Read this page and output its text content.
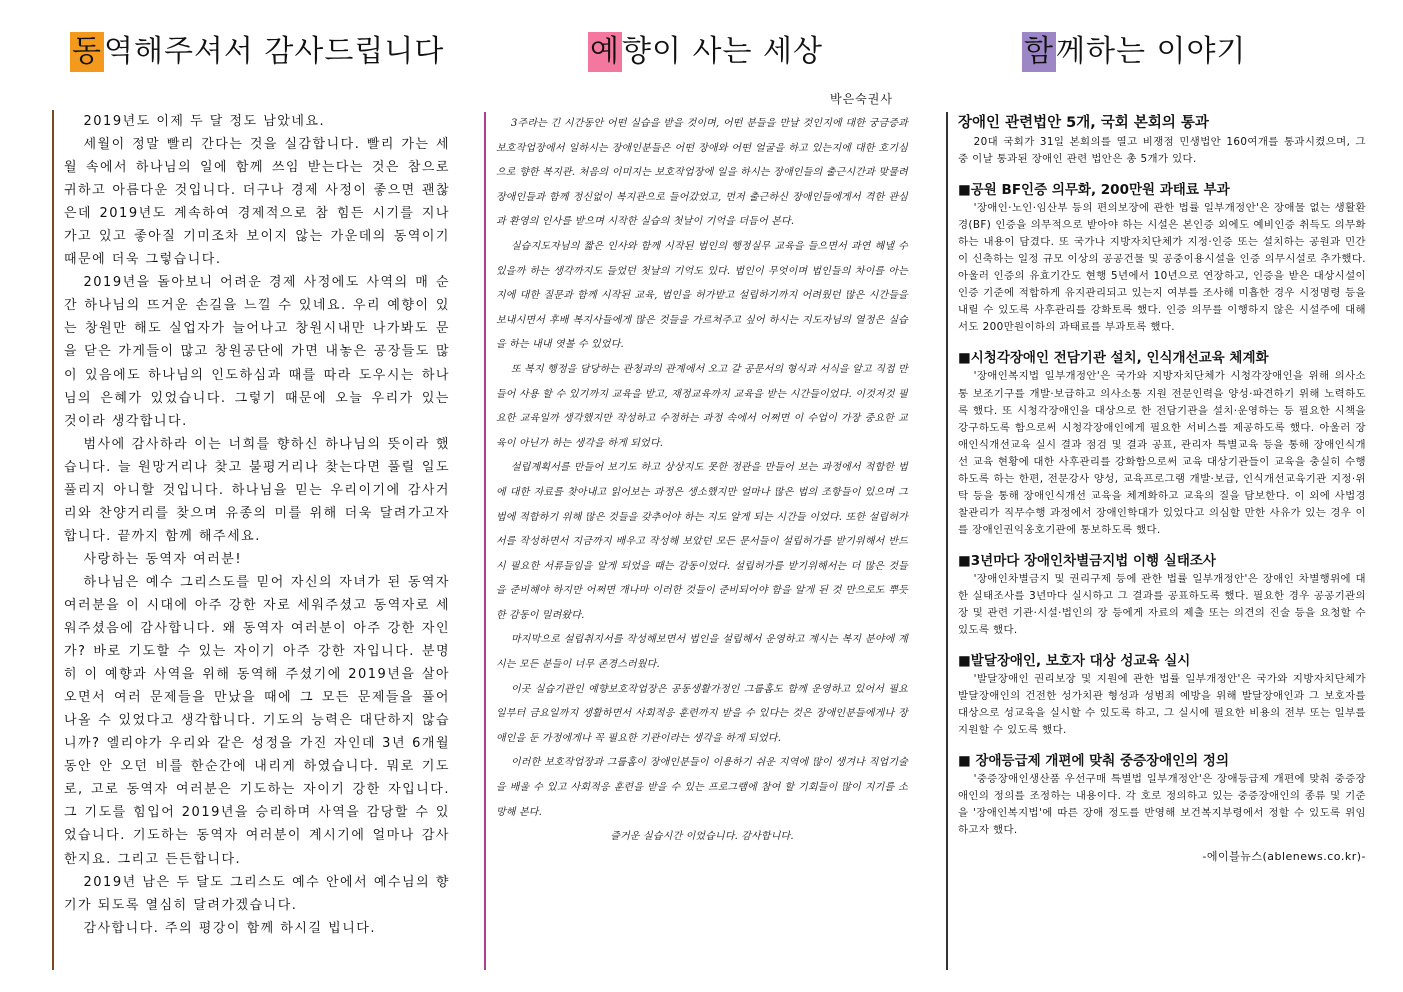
동역해주셔서 감사드립니다	예향이 사는 세상	함께하는 이야기
박은숙권사

2019년도 이제 두 달 정도 남았네요.

세월이 정말 빨리 간다는 것을 실감합니다. 빨리 가는 세월 속에서 하나님의 일에 함께 쓰임 받는다는 것은 참으로 귀하고 아름다운 것입니다. 더구나 경제 사정이 좋으면 괜찮은데 2019년도 계속하여 경제적으로 참 힘든 시기를 지나가고 있고 좋아질 기미조차 보이지 않는 가운데의 동역이기 때문에 더욱 그렇습니다.

2019년을 돌아보니 어려운 경제 사정에도 사역의 매 순간 하나님의 뜨거운 손길을 느낄 수 있네요. 우리 예향이 있는 창원만 해도 실업자가 늘어나고 창원시내만 나가봐도 문을 닫은 가게들이 많고 창원공단에 가면 내놓은 공장들도 많이 있음에도 하나님의 인도하심과 때를 따라 도우시는 하나님의 은혜가 있었습니다. 그렇기 때문에 오늘 우리가 있는 것이라 생각합니다.

범사에 감사하라 이는 너희를 향하신 하나님의 뜻이라 했습니다. 늘 원망거리나 찾고 불평거리나 찾는다면 풀릴 일도 풀리지 아니할 것입니다. 하나님을 믿는 우리이기에 감사거리와 찬양거리를 찾으며 유종의 미를 위해 더욱 달려가고자 합니다. 끝까지 함께 해주세요.

사랑하는 동역자 여러분!

하나님은 예수 그리스도를 믿어 자신의 자녀가 된 동역자 여러분을 이 시대에 아주 강한 자로 세워주셨고 동역자로 세워주셨음에 감사합니다. 왜 동역자 여러분이 아주 강한 자인가? 바로 기도할 수 있는 자이기 아주 강한 자입니다. 분명히 이 예향과 사역을 위해 동역해 주셨기에 2019년을 살아오면서 여러 문제들을 만났을 때에 그 모든 문제들을 풀어 나올 수 있었다고 생각합니다. 기도의 능력은 대단하지 않습니까? 엘리야가 우리와 같은 성정을 가진 자인데 3년 6개월 동안 안 오던 비를 한순간에 내리게 하였습니다. 뭐로 기도로, 고로 동역자 여러분은 기도하는 자이기 강한 자입니다. 그 기도를 힘입어 2019년을 승리하며 사역을 감당할 수 있었습니다. 기도하는 동역자 여러분이 계시기에 얼마나 감사한지요. 그리고 든든합니다.

2019년 남은 두 달도 그리스도 예수 안에서 예수님의 향기가 되도록 열심히 달려가겠습니다.

감사합니다. 주의 평강이 함께 하시길 빕니다.

3주라는 긴 시간동안 어떤 실습을 받을 것이며, 어떤 분들을 만날 것인지에 대한 궁금증과 보호작업장에서 일하시는 장애인분들은 어떤 장애와 어떤 얼굴을 하고 있는지에 대한 호기심으로 향한 복지관. 처음의 이미지는 보호작업장에 일을 하시는 장애인들의 출근시간과 맞물려 장애인들과 함께 정신없이 복지관으로 들어갔었고, 먼저 출근하신 장애인들에게서 격한 관심과 환영의 인사를 받으며 시작한 실습의 첫날이 기억을 더듬어 본다.

실습지도자님의 짧은 인사와 함께 시작된 법인의 행정실무 교육을 들으면서 과연 해낼 수 있을까 하는 생각까지도 들었던 첫날의 기억도 있다. 법인이 무엇이며 법인들의 차이를 아는지에 대한 질문과 함께 시작된 교육, 법인을 허가받고 설립하기까지 어려웠던 많은 시간들을 보내시면서 후배 복지사들에게 많은 것들을 가르쳐주고 싶어 하시는 지도자님의 열정은 실습을 하는 내내 엿볼 수 있었다.

또 복지 행정을 담당하는 관청과의 관계에서 오고 갈 공문서의 형식과 서식을 알고 직접 만들어 사용 할 수 있기까지 교육을 받고, 재정교육까지 교육을 받는 시간들이었다. 이것저것 필요한 교육일까 생각했지만 작성하고 수정하는 과정 속에서 어쩌면 이 수업이 가장 중요한 교육이 아닌가 하는 생각을 하게 되었다.

설립계획서를 만들어 보기도 하고 상상지도 못한 정관을 만들어 보는 과정에서 적합한 법에 대한 자료를 찾아내고 읽어보는 과정은 생소했지만 얼마나 많은 법의 조항들이 있으며 그 법에 적합하기 위해 많은 것들을 갖추어야 하는 지도 알게 되는 시간들 이었다. 또한 설립허가서를 작성하면서 지금까지 배우고 작성해 보았던 모든 문서들이 설립허가를 받기위해서 반드시 필요한 서류들임을 알게 되었을 때는 감동이었다. 설립허가를 받기위해서는 더 많은 것들을 준비해야 하지만 어쩌면 개나마 이러한 것들이 준비되어야 함을 알게 된 것 만으로도 뿌듯한 감동이 밀려왔다.

마지막으로 설립취지서를 작성해보면서 법인을 설립해서 운영하고 계시는 복지 분야에 계시는 모든 분들이 너무 존경스러웠다.

이곳 실습기관인 예향보호작업장은 공동생활가정인 그룹홈도 함께 운영하고 있어서 필요일부터 금요일까지 생활하면서 사회적응 훈련까지 받을 수 있다는 것은 장애인분들에게나 장애인을 둔 가정에게나 꼭 필요한 기관이라는 생각을 하게 되었다.

이러한 보호작업장과 그룹홈이 장애인분들이 이용하기 쉬운 지역에 많이 생겨나 직업기술을 배울 수 있고 사회적응 훈련을 받을 수 있는 프로그램에 참여 할 기회들이 많이 지기를 소망해 본다.

즐거운 실습시간 이었습니다. 감사합니다.

장애인 관련법안 5개, 국회 본회의 통과

20대 국회가 31일 본회의를 열고 비쟁점 민생법안 160여개를 통과시켰으며, 그 중 이날 통과된 장애인 관련 법안은 총 5개가 있다.

■공원 BF인증 의무화, 200만원 과태료 부과

'장애인·노인·임산부 등의 편의보장에 관한 법률 일부개정안'은 장애물 없는 생활환경(BF) 인증을 의무적으로 받아야 하는 시설은 본인증 외에도 예비인증 취득도 의무화하는 내용이 담겼다. 또 국가나 지방자치단체가 지정·인증 또는 설치하는 공원과 민간이 신축하는 일정 규모 이상의 공공건물 및 공중이용시설을 인증 의무시설로 추가했다. 아울러 인증의 유효기간도 현행 5년에서 10년으로 연장하고, 인증을 받은 대상시설이 인증 기준에 적합하게 유지관리되고 있는지 여부를 조사해 미흡한 경우 시정명령 등을 내릴 수 있도록 사후관리를 강화토록 했다. 인증 의무를 이행하지 않은 시설주에 대해서도 200만원이하의 과태료를 부과토록 했다.

■시청각장애인 전담기관 설치, 인식개선교육 체계화

'장애인복지법 일부개정안'은 국가와 지방자치단체가 시청각장애인을 위해 의사소통 보조기구를 개발·보급하고 의사소통 지원 전문인력을 양성·파견하기 위해 노력하도록 했다. 또 시청각장애인을 대상으로 한 전담기관을 설치·운영하는 등 필요한 시책을 강구하도록 함으로써 시청각장애인에게 필요한 서비스를 제공하도록 했다. 아울러 장애인식개선교육 실시 결과 점검 및 결과 공표, 관리자 특별교육 등을 통해 장애인식개선 교육 현황에 대한 사후관리를 강화함으로써 교육 대상기관들이 교육을 충실히 수행하도록 하는 한편, 전문강사 양성, 교육프로그램 개발·보급, 인식개선교육기관 지정·위탁 등을 통해 장애인식개선 교육을 체계화하고 교육의 질을 담보한다. 이 외에 사법경찰관리가 직무수행 과정에서 장애인학대가 있었다고 의심할 만한 사유가 있는 경우 이를 장애인권익옹호기관에 통보하도록 했다.

■3년마다 장애인차별금지법 이행 실태조사

'장애인차별금지 및 권리구제 등에 관한 법률 일부개정안'은 장애인 차별행위에 대한 실태조사를 3년마다 실시하고 그 결과를 공표하도록 했다. 필요한 경우 공공기관의 장 및 관련 기관·시설·법인의 장 등에게 자료의 제출 또는 의견의 진술 등을 요청할 수 있도록 했다.

■발달장애인, 보호자 대상 성교육 실시

'발달장애인 권리보장 및 지원에 관한 법률 일부개정안'은 국가와 지방자치단체가 발달장애인의 건전한 성가치관 형성과 성범죄 예방을 위해 발달장애인과 그 보호자를 대상으로 성교육을 실시할 수 있도록 하고, 그 실시에 필요한 비용의 전부 또는 일부를 지원할 수 있도록 했다.

■ 장애등급제 개편에 맞춰 중증장애인의 정의

'중증장애인생산품 우선구매 특별법 일부개정안'은 장애등급제 개편에 맞춰 중증장애인의 정의를 조정하는 내용이다. 각 호로 정의하고 있는 중증장애인의 종류 및 기준을 '장애인복지법'에 따른 장애 정도를 반영해 보건복지부령에서 정할 수 있도록 위임하고자 했다.

-에이블뉴스(ablenews.co.kr)-
